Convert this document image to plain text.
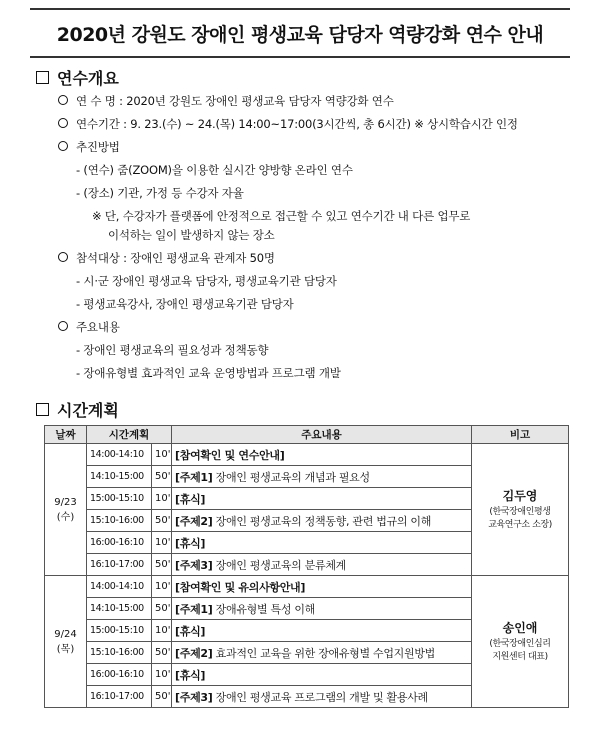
2020년 강원도 장애인 평생교육 담당자 역량강화 연수 안내
연수개요
연 수 명 : 2020년 강원도 장애인 평생교육 담당자 역량강화 연수
연수기간 : 9. 23.(수) ~ 24.(목) 14:00~17:00(3시간씩, 총 6시간) ※ 상시학습시간 인정
추진방법
- (연수) 줌(ZOOM)을 이용한 실시간 양방향 온라인 연수
- (장소) 기관, 가정 등 수강자 자율
※ 단, 수강자가 플랫폼에 안정적으로 접근할 수 있고 연수기간 내 다른 업무로
이석하는 일이 발생하지 않는 장소
참석대상 : 장애인 평생교육 관계자 50명
- 시·군 장애인 평생교육 담당자, 평생교육기관 담당자
- 평생교육강사, 장애인 평생교육기관 담당자
주요내용
- 장애인 평생교육의 필요성과 정책동향
- 장애유형별 효과적인 교육 운영방법과 프로그램 개발
시간계획
날짜	시간계획		주요내용	비고
9/23
(수)	14:00-14:10	10'	[참여확인 및 연수안내]	김두영
(한국장애인평생
교육연구소 소장)

	14:10-15:00	50'	[주제1] 장애인 평생교육의 개념과 필요성	
	15:00-15:10	10'	[휴식]	
	15:10-16:00	50'	[주제2] 장애인 평생교육의 정책동향, 관련 법규의 이해	
	16:00-16:10	10'	[휴식]	
	16:10-17:00	50'	[주제3] 장애인 평생교육의 분류체계	
9/24
(목)	14:00-14:10	10'	[참여확인 및 유의사항안내]	송인애
(한국장애인심리
지원센터 대표)

	14:10-15:00	50'	[주제1] 장애유형별 특성 이해	
	15:00-15:10	10'	[휴식]	
	15:10-16:00	50'	[주제2] 효과적인 교육을 위한 장애유형별 수업지원방법	
	16:00-16:10	10'	[휴식]	
	16:10-17:00	50'	[주제3] 장애인 평생교육 프로그램의 개발 및 활용사례	
